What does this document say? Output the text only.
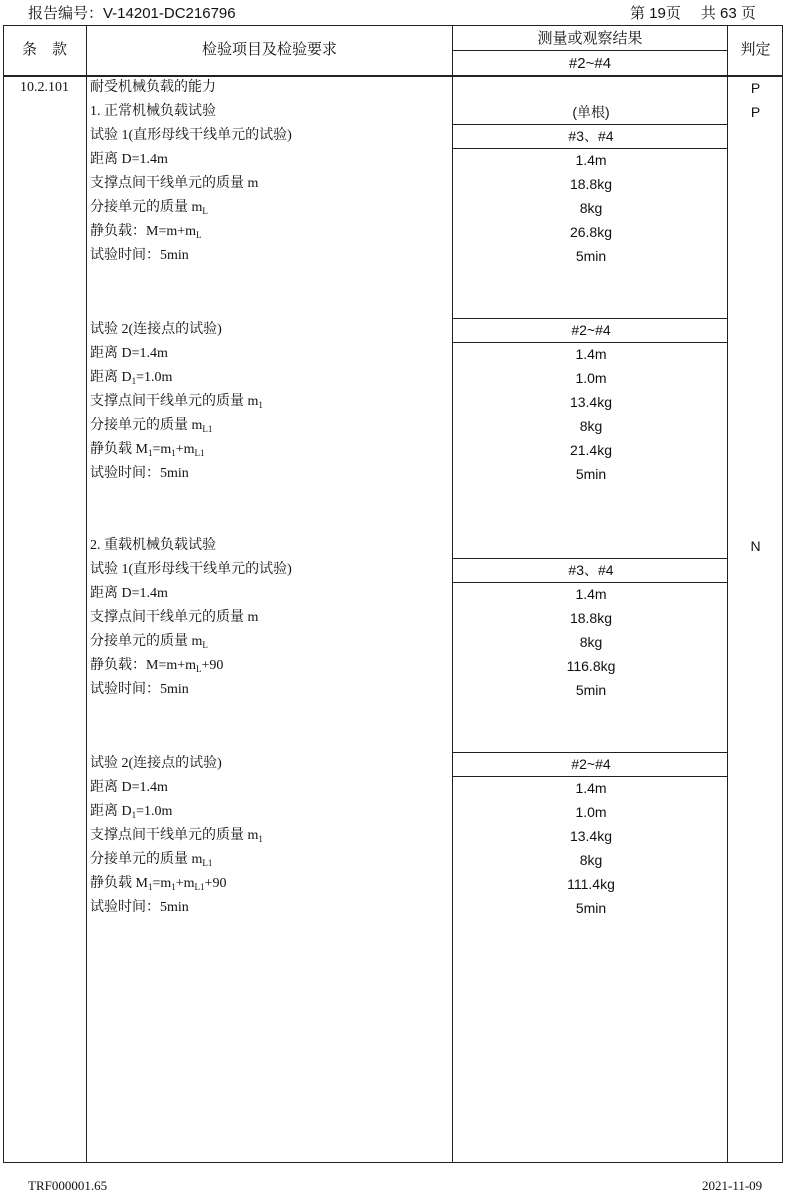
报告编号：V-14201-DC216796	第 19页 共 63 页
条　款	检验项目及检验要求
测量或观察结果
#2~#4
判定
10.2.101	耐受机械负载的能力	P
1. 正常机械负载试验	(单根)	P
试验 1(直形母线干线单元的试验)	#3、#4
距离 D=1.4m	1.4m
支撑点间干线单元的质量 m	18.8kg
分接单元的质量 $m_L$	8kg
静负载：$M=m+m_L$	26.8kg
试验时间：5min	5min
试验 2(连接点的试验)	#2~#4
距离 D=1.4m	1.4m
距离 $D_1=1.0m$	1.0m
支撑点间干线单元的质量 $m_1$	13.4kg
分接单元的质量 $m_{L1}$	8kg
静负载 $M_1=m_1+m_{L1}$	21.4kg
试验时间：5min	5min
2. 重载机械负载试验	N
试验 1(直形母线干线单元的试验)	#3、#4
距离 D=1.4m	1.4m
支撑点间干线单元的质量 m	18.8kg
分接单元的质量 $m_L$	8kg
静负载：$M=m+m_L+90$	116.8kg
试验时间：5min	5min
试验 2(连接点的试验)	#2~#4
距离 D=1.4m	1.4m
距离 $D_1=1.0m$	1.0m
支撑点间干线单元的质量 $m_1$	13.4kg
分接单元的质量 $m_{L1}$	8kg
静负载 $M_1=m_1+m_{L1}+90$	111.4kg
试验时间：5min	5min
TRF000001.65	2021-11-09
